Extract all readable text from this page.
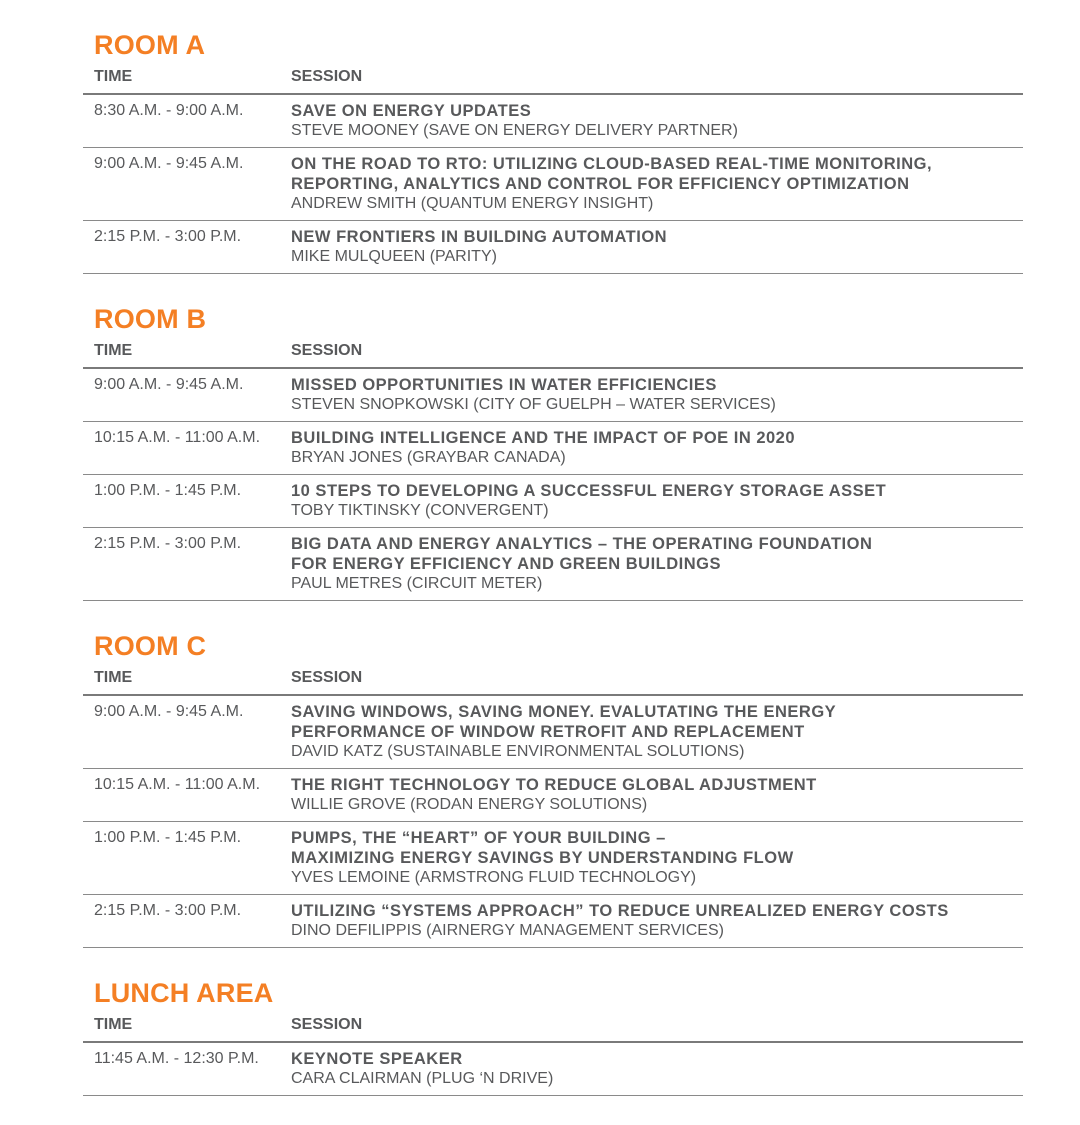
ROOM A
TIME	SESSION
8:30 A.M. - 9:00 A.M.	SAVE ON ENERGY UPDATES
STEVE MOONEY (SAVE ON ENERGY DELIVERY PARTNER)
9:00 A.M. - 9:45 A.M.	ON THE ROAD TO RTO: UTILIZING CLOUD-BASED REAL-TIME MONITORING,
REPORTING, ANALYTICS AND CONTROL FOR EFFICIENCY OPTIMIZATION
ANDREW SMITH (QUANTUM ENERGY INSIGHT)
2:15 P.M. - 3:00 P.M.	NEW FRONTIERS IN BUILDING AUTOMATION
MIKE MULQUEEN (PARITY)
ROOM B
TIME	SESSION
9:00 A.M. - 9:45 A.M.	MISSED OPPORTUNITIES IN WATER EFFICIENCIES
STEVEN SNOPKOWSKI (CITY OF GUELPH – WATER SERVICES)
10:15 A.M. - 11:00 A.M.	BUILDING INTELLIGENCE AND THE IMPACT OF POE IN 2020
BRYAN JONES (GRAYBAR CANADA)
1:00 P.M. - 1:45 P.M.	10 STEPS TO DEVELOPING A SUCCESSFUL ENERGY STORAGE ASSET
TOBY TIKTINSKY (CONVERGENT)
2:15 P.M. - 3:00 P.M.	BIG DATA AND ENERGY ANALYTICS – THE OPERATING FOUNDATION
FOR ENERGY EFFICIENCY AND GREEN BUILDINGS
PAUL METRES (CIRCUIT METER)
ROOM C
TIME	SESSION
9:00 A.M. - 9:45 A.M.	SAVING WINDOWS, SAVING MONEY. EVALUTATING THE ENERGY
PERFORMANCE OF WINDOW RETROFIT AND REPLACEMENT
DAVID KATZ (SUSTAINABLE ENVIRONMENTAL SOLUTIONS)
10:15 A.M. - 11:00 A.M.	THE RIGHT TECHNOLOGY TO REDUCE GLOBAL ADJUSTMENT
WILLIE GROVE (RODAN ENERGY SOLUTIONS)
1:00 P.M. - 1:45 P.M.	PUMPS, THE “HEART” OF YOUR BUILDING –
MAXIMIZING ENERGY SAVINGS BY UNDERSTANDING FLOW
YVES LEMOINE (ARMSTRONG FLUID TECHNOLOGY)
2:15 P.M. - 3:00 P.M.	UTILIZING “SYSTEMS APPROACH” TO REDUCE UNREALIZED ENERGY COSTS
DINO DEFILIPPIS (AIRNERGY MANAGEMENT SERVICES)
LUNCH AREA
TIME	SESSION
11:45 A.M. - 12:30 P.M.	KEYNOTE SPEAKER
CARA CLAIRMAN (PLUG ‘N DRIVE)
